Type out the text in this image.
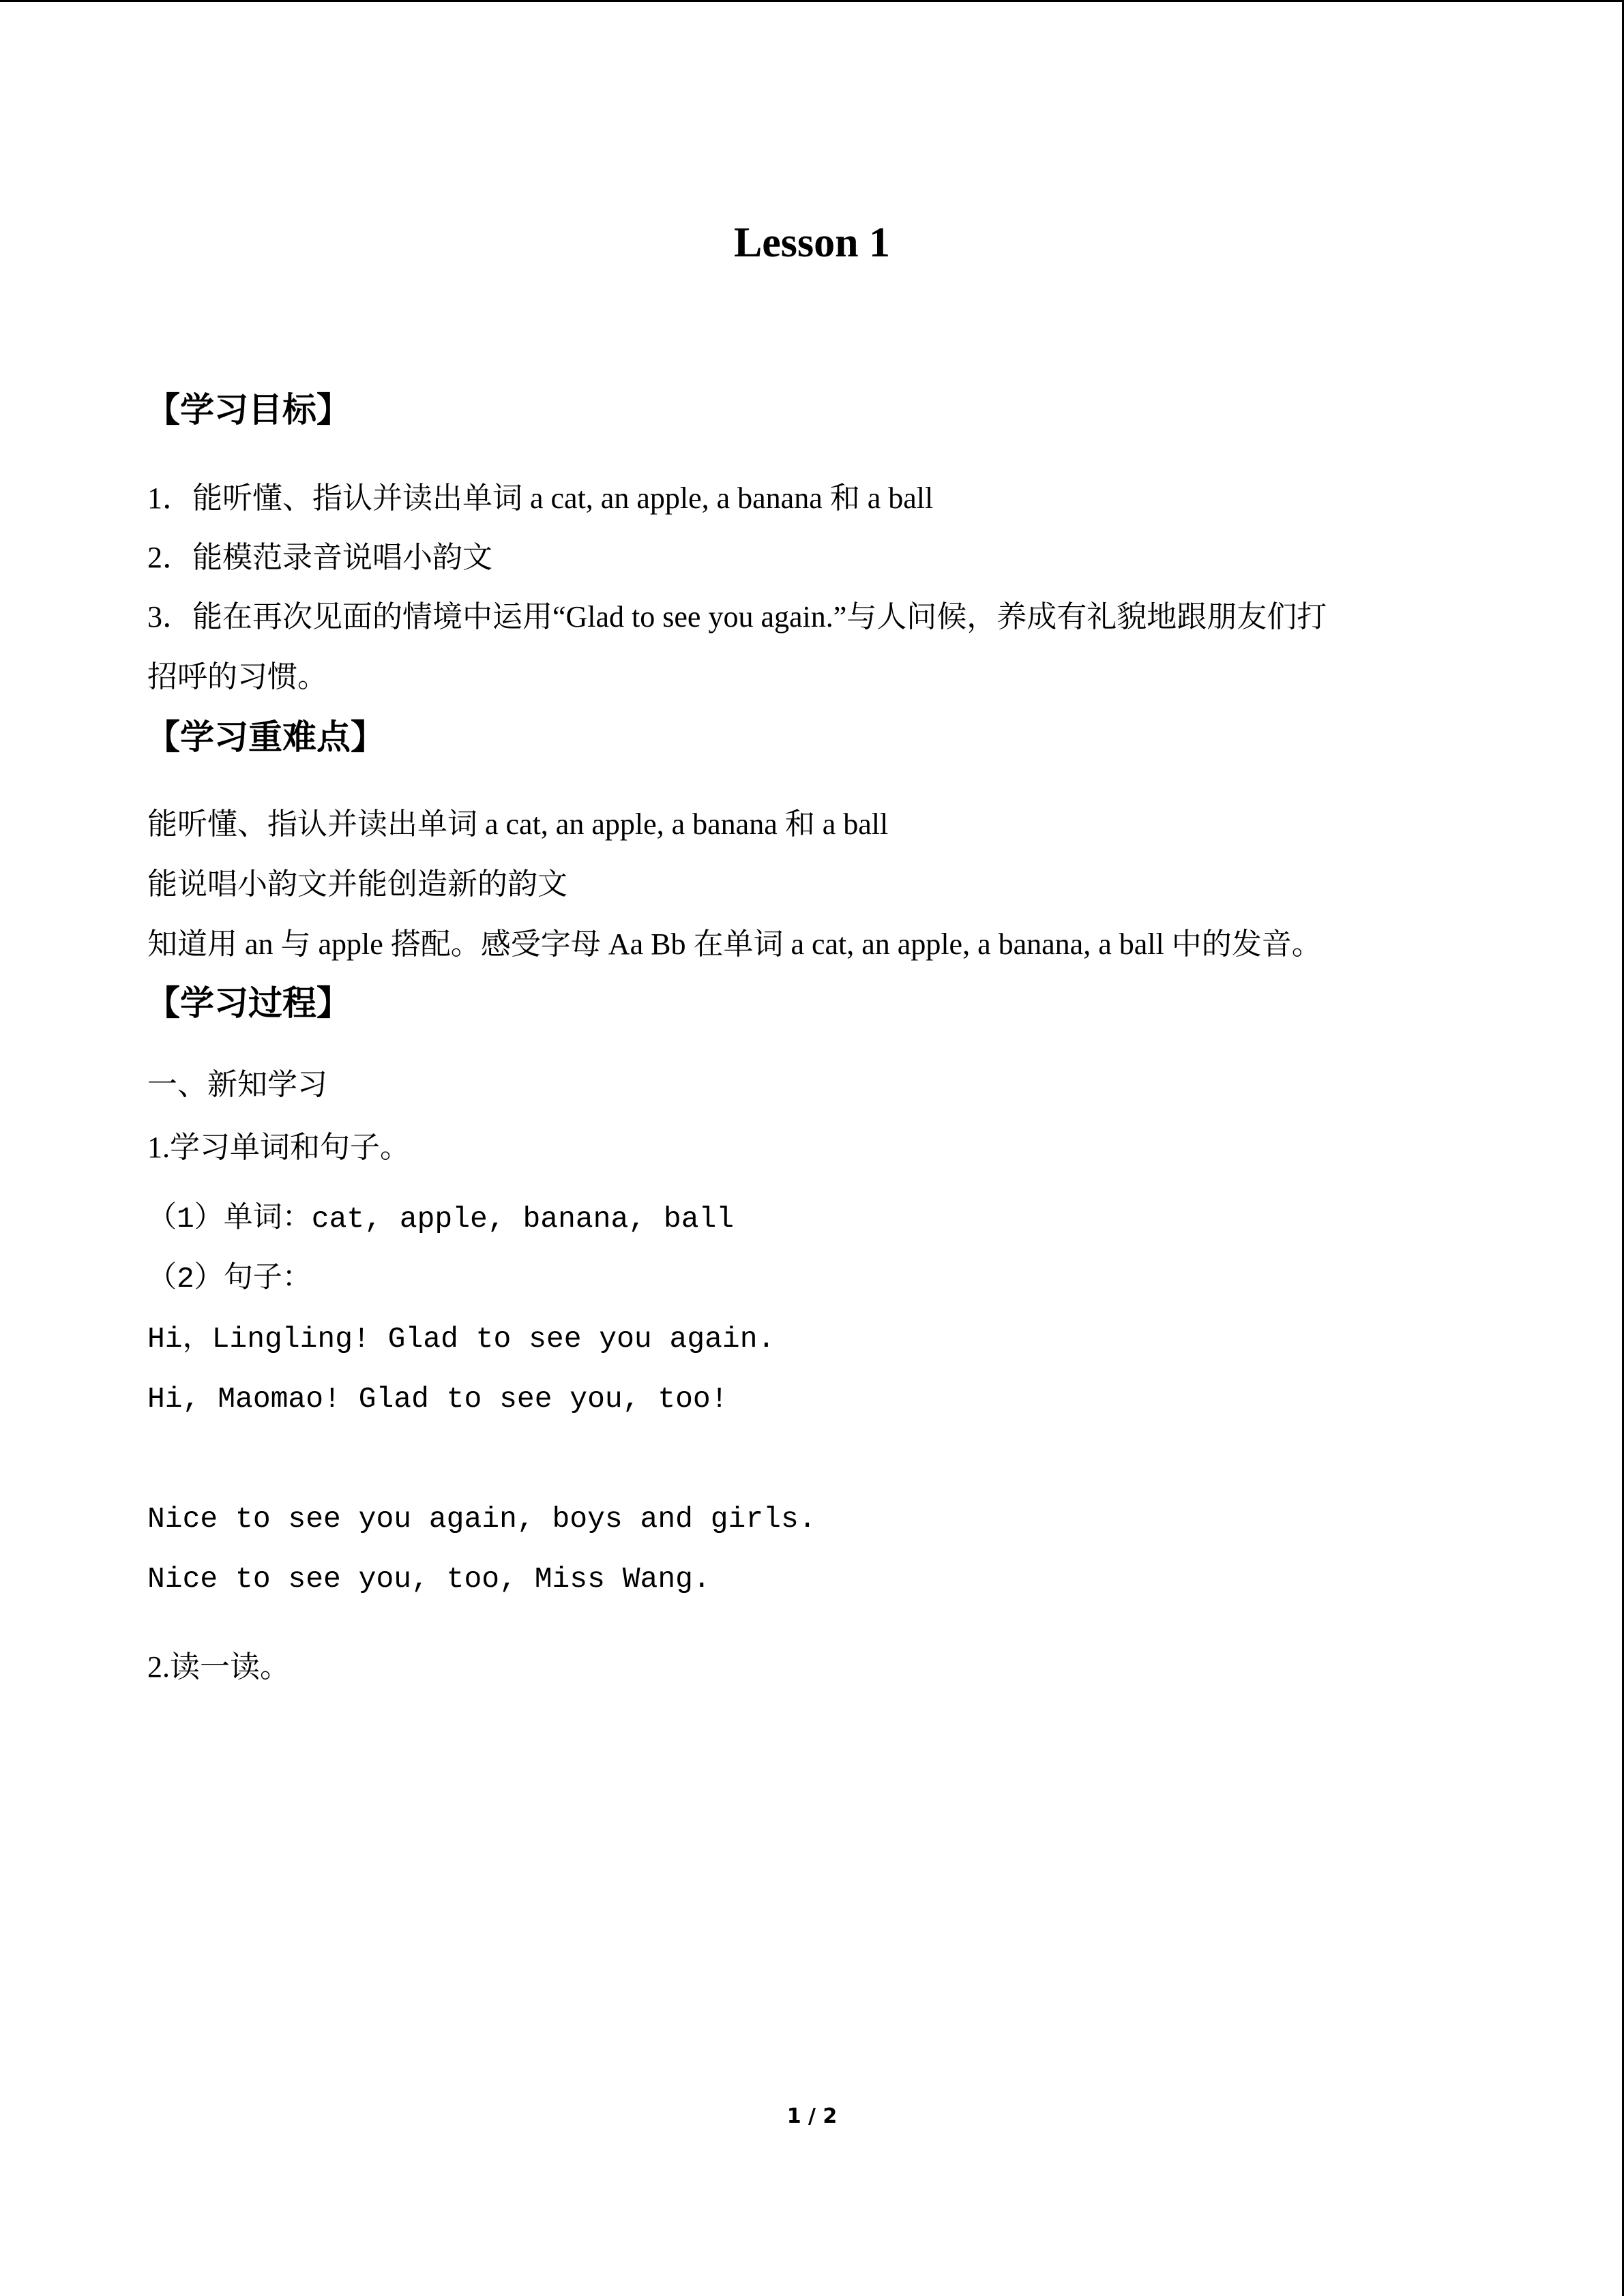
Lesson 1
【学习目标】
1．能听懂、指认并读出单词 a cat, an apple, a banana 和 a ball
2．能模范录音说唱小韵文
3．能在再次见面的情境中运用“Glad to see you again.”与人问候，养成有礼貌地跟朋友们打
招呼的习惯。
【学习重难点】
能听懂、指认并读出单词 a cat, an apple, a banana 和 a ball
能说唱小韵文并能创造新的韵文
知道用 an 与 apple 搭配。感受字母 Aa Bb 在单词 a cat, an apple, a banana, a ball 中的发音。
【学习过程】
一、新知学习
1.学习单词和句子。
（1）单词：cat, apple, banana, ball
（2）句子：
Hi，Lingling! Glad to see you again.
Hi, Maomao! Glad to see you, too!
Nice to see you again, boys and girls.
Nice to see you, too, Miss Wang.
2.读一读。
1 / 2
